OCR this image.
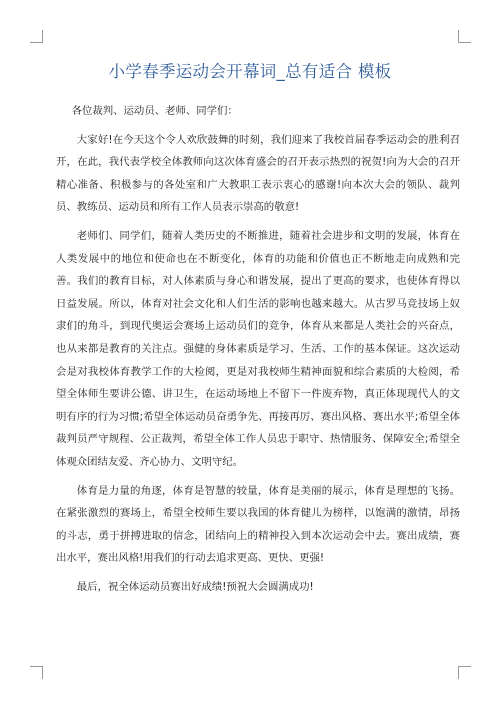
小学春季运动会开幕词_总有适合 模板

各位裁判、运动员、老师、同学们：

大家好!在今天这个令人欢欣鼓舞的时刻，我们迎来了我校首届春季运动会的胜利召开，在此，我代表学校全体教师向这次体育盛会的召开表示热烈的祝贺!向为大会的召开精心准备、积极参与的各处室和广大教职工表示衷心的感谢!向本次大会的领队、裁判员、教练员、运动员和所有工作人员表示崇高的敬意!

老师们、同学们，随着人类历史的不断推进，随着社会进步和文明的发展，体育在人类发展中的地位和使命也在不断变化，体育的功能和价值也正不断地走向成熟和完善。我们的教育目标，对人体素质与身心和谐发展，提出了更高的要求，也使体育得以日益发展。所以，体育对社会文化和人们生活的影响也越来越大。从古罗马竞技场上奴隶们的角斗，到现代奥运会赛场上运动员们的竞争，体育从来都是人类社会的兴奋点，也从来都是教育的关注点。强健的身体素质是学习、生活、工作的基本保证。这次运动会是对我校体育教学工作的大检阅，更是对我校师生精神面貌和综合素质的大检阅，希望全体师生要讲公德、讲卫生，在运动场地上不留下一件废弃物，真正体现现代人的文明有序的行为习惯;希望全体运动员奋勇争先、再接再厉、赛出风格、赛出水平;希望全体裁判员严守规程、公正裁判，希望全体工作人员忠于职守、热情服务、保障安全;希望全体观众团结友爱、齐心协力、文明守纪。

体育是力量的角逐，体育是智慧的较量，体育是美丽的展示，体育是理想的飞扬。在紧张激烈的赛场上，希望全校师生要以我国的体育健儿为榜样，以饱满的激情，昂扬的斗志，勇于拼搏进取的信念，团结向上的精神投入到本次运动会中去。赛出成绩，赛出水平，赛出风格!用我们的行动去追求更高、更快、更强!

最后，祝全体运动员赛出好成绩!预祝大会圆满成功!
